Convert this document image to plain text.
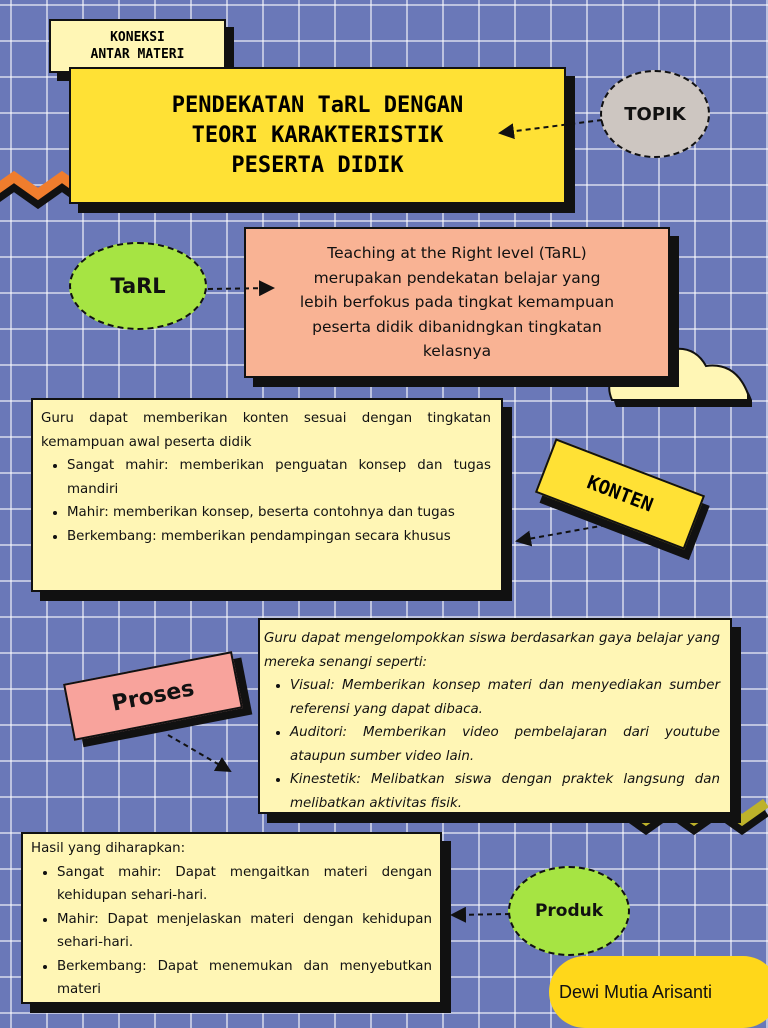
KONEKSI
ANTAR MATERI
PENDEKATAN TaRL DENGAN
TEORI KARAKTERISTIK
PESERTA DIDIK
TOPIK
TaRL
Teaching at the Right level (TaRL)
merupakan pendekatan belajar yang
lebih berfokus pada tingkat kemampuan
peserta didik dibanidngkan tingkatan
kelasnya

Guru dapat memberikan konten sesuai dengan tingkatan kemampuan awal peserta didik

• Sangat mahir: memberikan penguatan konsep dan tugas mandiri
• Mahir: memberikan konsep, beserta contohnya dan tugas
• Berkembang: memberikan pendampingan secara khusus
KONTEN

Guru dapat mengelompokkan siswa berdasarkan gaya belajar yang mereka senangi seperti:

• Visual: Memberikan konsep materi dan menyediakan sumber referensi yang dapat dibaca.
• Auditori: Memberikan video pembelajaran dari youtube ataupun sumber video lain.
• Kinestetik: Melibatkan siswa dengan praktek langsung dan melibatkan aktivitas fisik.
Proses

Hasil yang diharapkan:

• Sangat mahir: Dapat mengaitkan materi dengan kehidupan sehari-hari.
• Mahir: Dapat menjelaskan materi dengan kehidupan sehari-hari.
• Berkembang: Dapat menemukan dan menyebutkan materi
Produk
Dewi Mutia Arisanti
